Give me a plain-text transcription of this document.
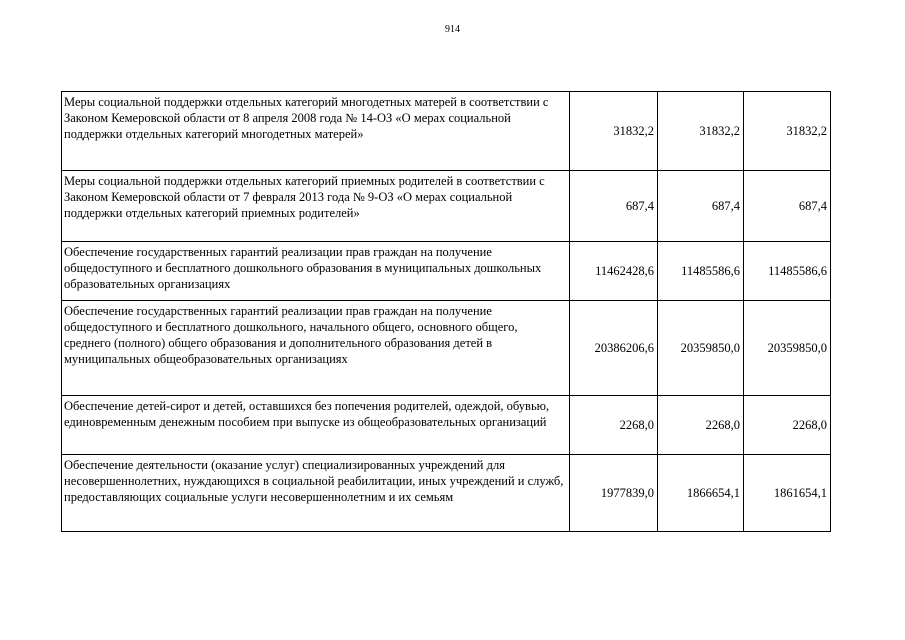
914
Меры социальной поддержки отдельных категорий многодетных матерей в соответствии с Законом Кемеровской области от 8 апреля 2008 года № 14-ОЗ «О мерах социальной поддержки отдельных категорий многодетных матерей»	31832,2	31832,2	31832,2
Меры социальной поддержки отдельных категорий приемных родителей в соответствии с Законом Кемеровской области от 7 февраля 2013 года № 9-ОЗ «О мерах социальной поддержки отдельных категорий приемных родителей»	687,4	687,4	687,4
Обеспечение государственных гарантий реализации прав граждан на получение общедоступного и бесплатного дошкольного образования в муниципальных дошкольных образовательных организациях	11462428,6	11485586,6	11485586,6
Обеспечение государственных гарантий реализации прав граждан на получение общедоступного и бесплатного дошкольного, начального общего, основного общего, среднего (полного) общего образования и дополнительного образования детей в муниципальных общеобразовательных организациях	20386206,6	20359850,0	20359850,0
Обеспечение детей-сирот и детей, оставшихся без попечения родителей, одеждой, обувью, единовременным денежным пособием при выпуске из общеобразовательных организаций	2268,0	2268,0	2268,0
Обеспечение деятельности (оказание услуг) специализированных учреждений для несовершеннолетних, нуждающихся в социальной реабилитации, иных учреждений и служб, предоставляющих социальные услуги несовершеннолетним и их семьям	1977839,0	1866654,1	1861654,1
